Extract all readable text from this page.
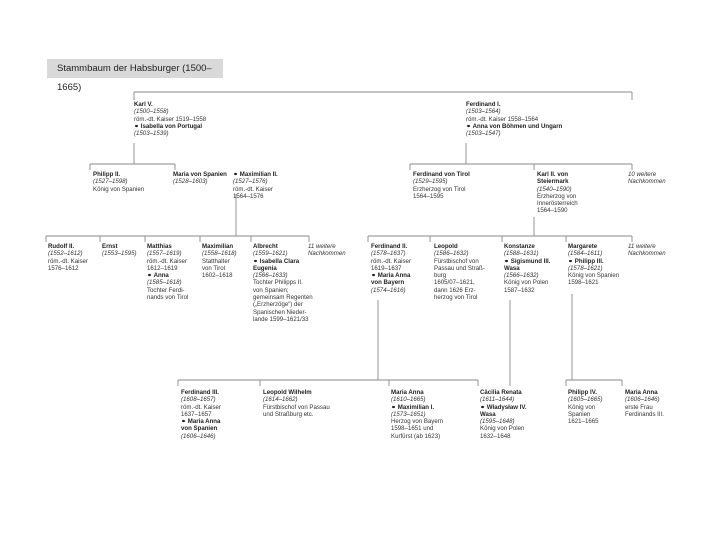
Stammbaum der Habsburger (1500–1665)
Karl V.
(1500–1558)
röm.-dt. Kaiser 1519–1558
⚭ Isabella von Portugal
(1503–1539)
Ferdinand I.
(1503–1564)
röm.-dt. Kaiser 1558–1564
⚭ Anna von Böhmen und Ungarn
(1503–1547)
Philipp II.
(1527–1598)
König von Spanien
Maria von Spanien
(1528–1603)
⚭ Maximilian II.
(1527–1576)
röm.-dt. Kaiser
1564–1576
Ferdinand von Tirol
(1529–1595)
Erzherzog von Tirol
1564–1595
Karl II. von
Steiermark
(1540–1590)
Erzherzog von
Innerösterreich
1564–1590
10 weitere
Nachkommen
Rudolf II.
(1552–1612)
röm.-dt. Kaiser
1576–1612
Ernst
(1553–1595)
Matthias
(1557–1619)
röm.-dt. Kaiser
1612–1619
⚭ Anna
(1585–1618)
Tochter Ferdi-
nands von Tirol
Maximilian
(1558–1618)
Statthalter
von Tirol
1602–1618
Albrecht
(1559–1621)
⚭ Isabella Clara
Eugenia
(1566–1633)
Tochter Philipps II.
von Spanien;
gemeinsam Regenten
(„Erzherzöge“) der
Spanischen Nieder-
lande 1599–1621/33
11 weitere
Nachkommen
Ferdinand II.
(1578–1637)
röm.-dt. Kaiser
1619–1637
⚭ Maria Anna
von Bayern
(1574–1616)
Leopold
(1586–1632)
Fürstbischof von
Passau und Straß-
burg
1605/07–1621,
dann 1626 Erz-
herzog von Tirol
Konstanze
(1588–1631)
⚭ Sigismund III.
Wasa
(1566–1632)
König von Polen
1587–1632
Margarete
(1584–1611)
⚭ Philipp III.
(1578–1621)
König von Spanien
1598–1621
11 weitere
Nachkommen
Ferdinand III.
(1608–1657)
röm.-dt. Kaiser
1637–1657
⚭ Maria Anna
von Spanien
(1606–1646)
Leopold Wilhelm
(1614–1662)
Fürstbischof von Passau
und Straßburg etc.
Maria Anna
(1610–1665)
⚭ Maximilian I.
(1573–1651)
Herzog von Bayern
1598–1651 und
Kurfürst (ab 1623)
Cäcilia Renata
(1611–1644)
⚭ Władysław IV.
Wasa
(1595–1648)
König von Polen
1632–1648
Philipp IV.
(1605–1665)
König von
Spanien
1621–1665
Maria Anna
(1606–1646)
erste Frau
Ferdinands III.
